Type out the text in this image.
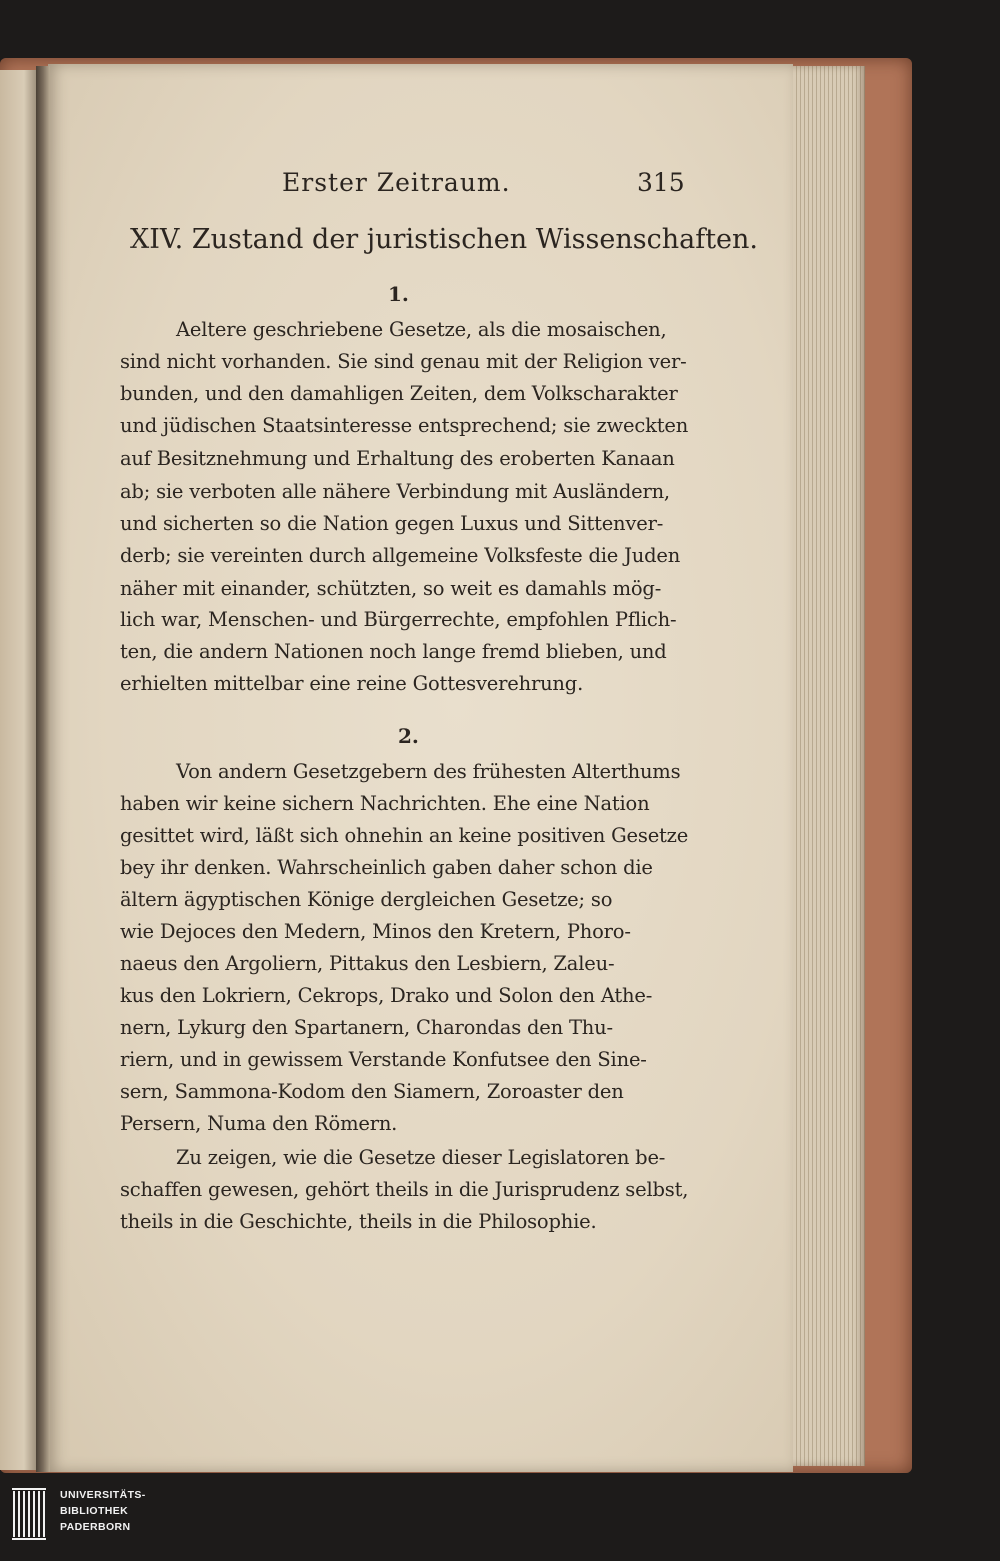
Erster Zeitraum.	315
XIV. Zustand der juristischen Wissenschaften.
1.
Aeltere geschriebene Gesetze, als die mosaischen,
sind nicht vorhanden. Sie sind genau mit der Religion ver-
bunden, und den damahligen Zeiten, dem Volkscharakter
und jüdischen Staatsinteresse entsprechend; sie zweckten
auf Besitznehmung und Erhaltung des eroberten Kanaan
ab; sie verboten alle nähere Verbindung mit Ausländern,
und sicherten so die Nation gegen Luxus und Sittenver-
derb; sie vereinten durch allgemeine Volksfeste die Juden
näher mit einander, schützten, so weit es damahls mög-
lich war, Menschen- und Bürgerrechte, empfohlen Pflich-
ten, die andern Nationen noch lange fremd blieben, und
erhielten mittelbar eine reine Gottesverehrung.
2.
Von andern Gesetzgebern des frühesten Alterthums
haben wir keine sichern Nachrichten. Ehe eine Nation
gesittet wird, läßt sich ohnehin an keine positiven Gesetze
bey ihr denken. Wahrscheinlich gaben daher schon die
ältern ägyptischen Könige dergleichen Gesetze; so
wie Dejoces den Medern, Minos den Kretern, Phoro-
naeus den Argoliern, Pittakus den Lesbiern, Zaleu-
kus den Lokriern, Cekrops, Drako und Solon den Athe-
nern, Lykurg den Spartanern, Charondas den Thu-
riern, und in gewissem Verstande Konfutsee den Sine-
sern, Sammona-Kodom den Siamern, Zoroaster den
Persern, Numa den Römern.
Zu zeigen, wie die Gesetze dieser Legislatoren be-
schaffen gewesen, gehört theils in die Jurisprudenz selbst,
theils in die Geschichte, theils in die Philosophie.
UNIVERSITÄTS-
BIBLIOTHEK
PADERBORN
